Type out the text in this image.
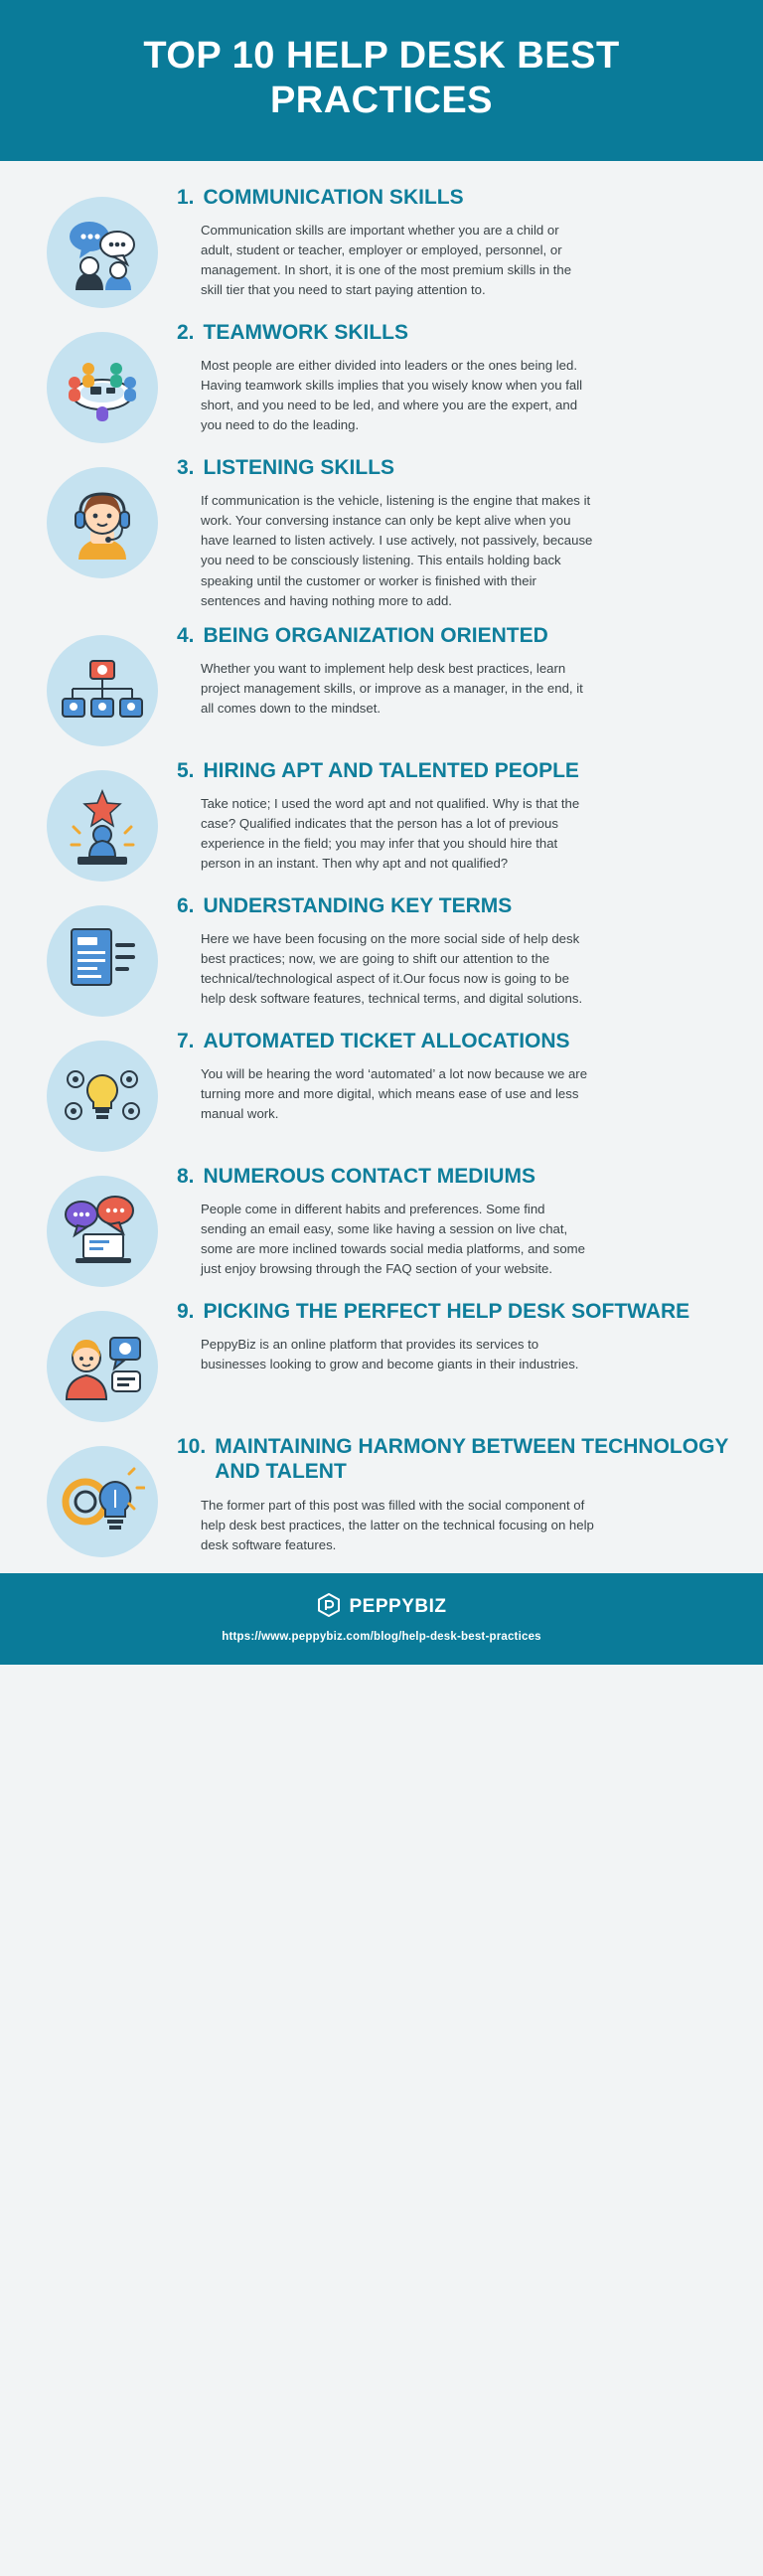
TOP 10 HELP DESK BEST PRACTICES
1. COMMUNICATION SKILLS

Communication skills are important whether you are a child or adult, student or teacher, employer or employed, personnel, or management. In short, it is one of the most premium skills in the skill tier that you need to start paying attention to.

2. TEAMWORK SKILLS

Most people are either divided into leaders or the ones being led. Having teamwork skills implies that you wisely know when you fall short, and you need to be led, and where you are the expert, and you need to do the leading.

3. LISTENING SKILLS

If communication is the vehicle, listening is the engine that makes it work. Your conversing instance can only be kept alive when you have learned to listen actively. I use actively, not passively, because you need to be consciously listening. This entails holding back speaking until the customer or worker is finished with their sentences and having nothing more to add.

4. BEING ORGANIZATION ORIENTED

Whether you want to implement help desk best practices, learn project management skills, or improve as a manager, in the end, it all comes down to the mindset.

5. HIRING APT AND TALENTED PEOPLE

Take notice; I used the word apt and not qualified. Why is that the case? Qualified indicates that the person has a lot of previous experience in the field; you may infer that you should hire that person in an instant. Then why apt and not qualified?

6. UNDERSTANDING KEY TERMS

Here we have been focusing on the more social side of help desk best practices; now, we are going to shift our attention to the technical/technological aspect of it.Our focus now is going to be help desk software features, technical terms, and digital solutions.

7. AUTOMATED TICKET ALLOCATIONS

You will be hearing the word ‘automated’ a lot now because we are turning more and more digital, which means ease of use and less manual work.

8. NUMEROUS CONTACT MEDIUMS

People come in different habits and preferences. Some find sending an email easy, some like having a session on live chat, some are more inclined towards social media platforms, and some just enjoy browsing through the FAQ section of your website.

9. PICKING THE PERFECT HELP DESK SOFTWARE

PeppyBiz is an online platform that provides its services to businesses looking to grow and become giants in their industries.

10. MAINTAINING HARMONY BETWEEN TECHNOLOGY AND TALENT

The former part of this post was filled with the social component of help desk best practices, the latter on the technical focusing on help desk software features.

PEPPYBIZ
https://www.peppybiz.com/blog/help-desk-best-practices
